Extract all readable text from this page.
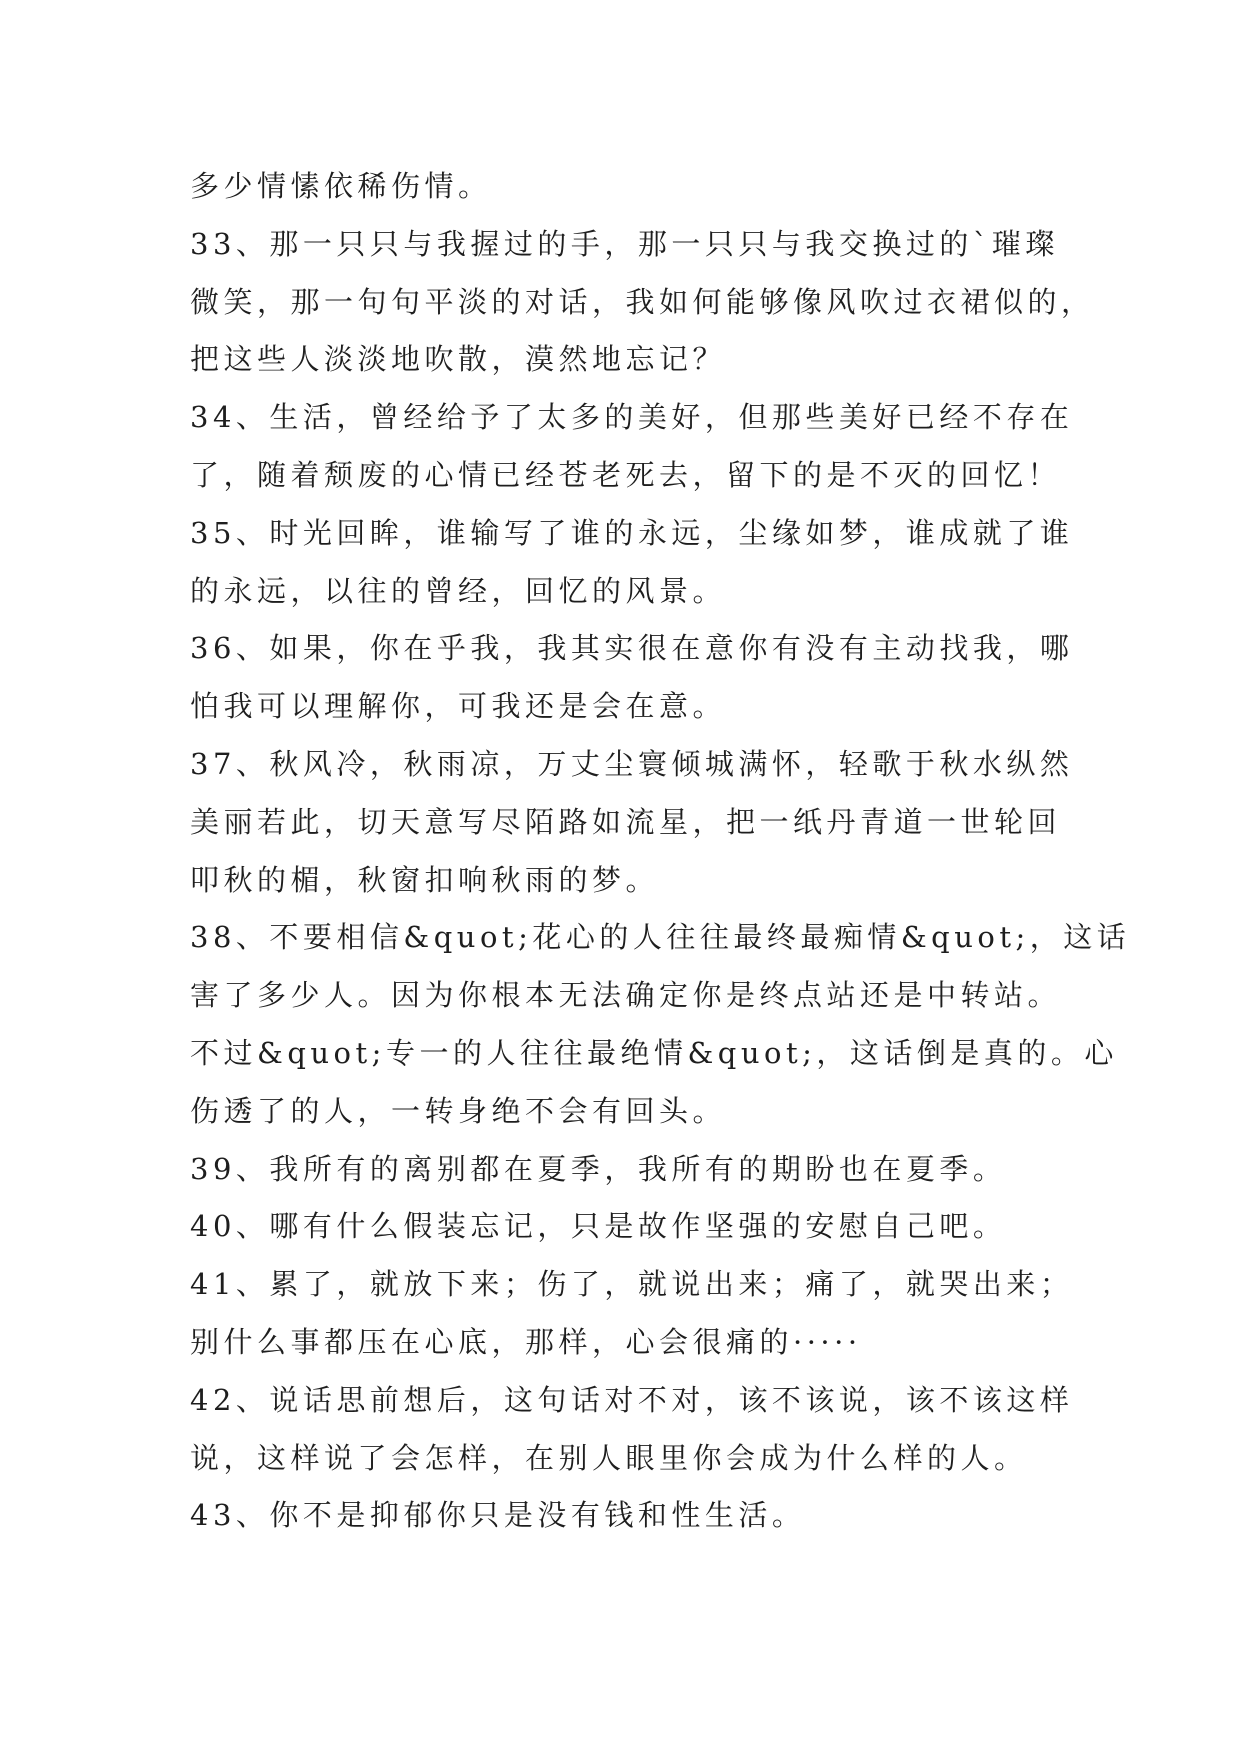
多少情愫依稀伤情。
33、那一只只与我握过的手，那一只只与我交换过的`璀璨
微笑，那一句句平淡的对话，我如何能够像风吹过衣裙似的，
把这些人淡淡地吹散，漠然地忘记？
34、生活，曾经给予了太多的美好，但那些美好已经不存在
了，随着颓废的心情已经苍老死去，留下的是不灭的回忆！
35、时光回眸，谁输写了谁的永远，尘缘如梦，谁成就了谁
的永远，以往的曾经，回忆的风景。
36、如果，你在乎我，我其实很在意你有没有主动找我，哪
怕我可以理解你，可我还是会在意。
37、秋风冷，秋雨凉，万丈尘寰倾城满怀，轻歌于秋水纵然
美丽若此，切天意写尽陌路如流星，把一纸丹青道一世轮回
叩秋的楣，秋窗扣响秋雨的梦。
38、不要相信&quot;花心的人往往最终最痴情&quot;，这话
害了多少人。因为你根本无法确定你是终点站还是中转站。
不过&quot;专一的人往往最绝情&quot;，这话倒是真的。心
伤透了的人，一转身绝不会有回头。
39、我所有的离别都在夏季，我所有的期盼也在夏季。
40、哪有什么假装忘记，只是故作坚强的安慰自己吧。
41、累了，就放下来；伤了，就说出来；痛了，就哭出来；
别什么事都压在心底，那样，心会很痛的·····
42、说话思前想后，这句话对不对，该不该说，该不该这样
说，这样说了会怎样，在别人眼里你会成为什么样的人。
43、你不是抑郁你只是没有钱和性生活。
